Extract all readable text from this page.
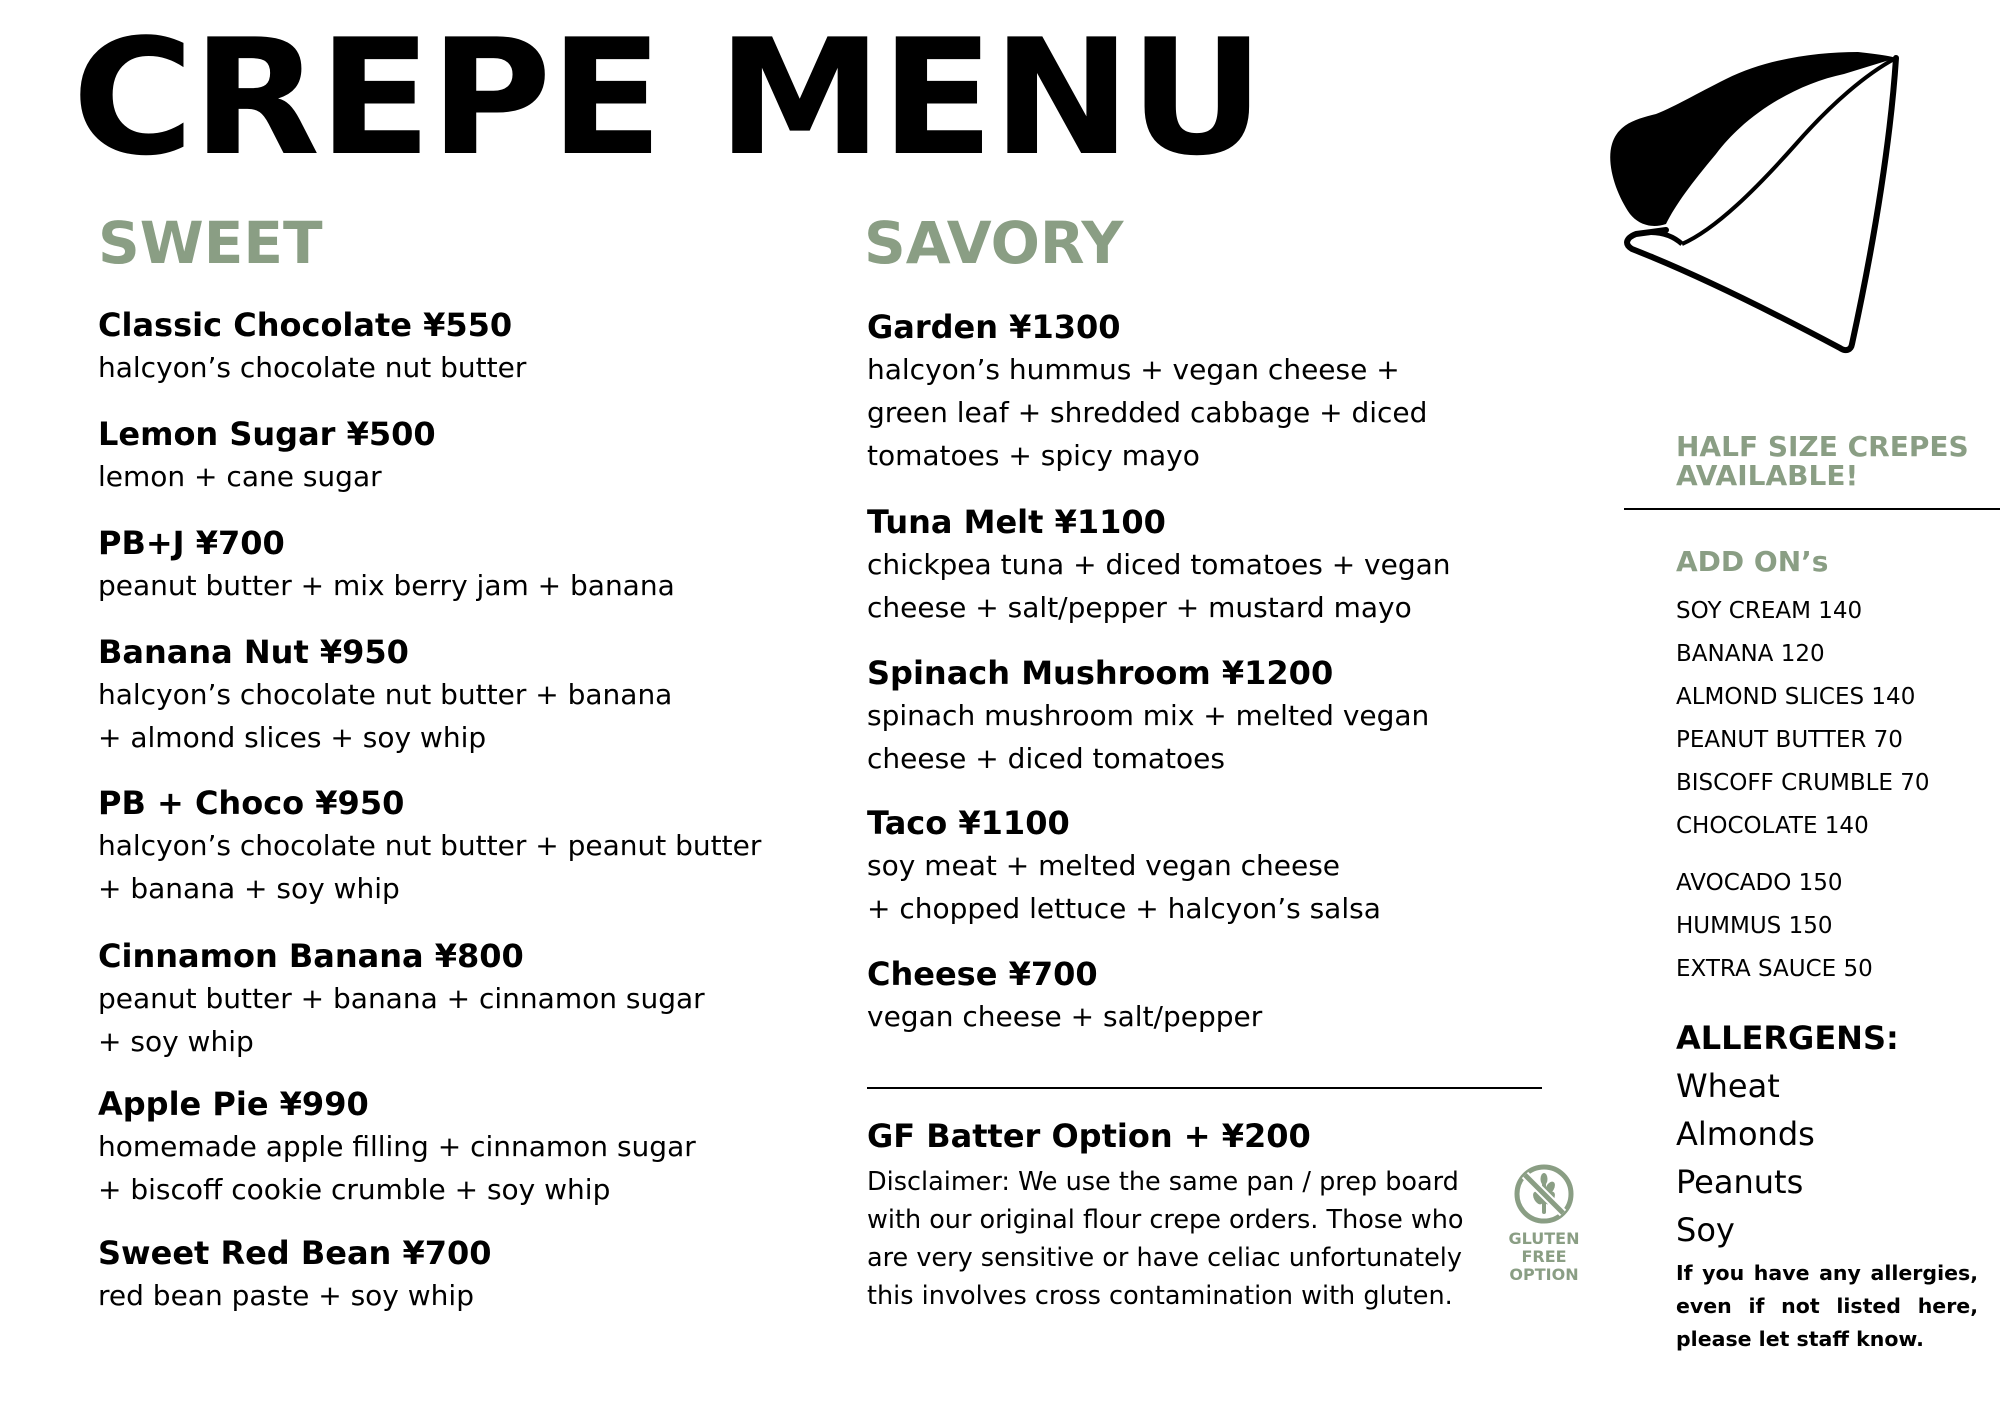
CREPE MENU
SWEET	SAVORY
Classic Chocolate ¥550
halcyon’s chocolate nut butter
Lemon Sugar ¥500
lemon + cane sugar
PB+J ¥700
peanut butter + mix berry jam + banana
Banana Nut ¥950
halcyon’s chocolate nut butter + banana
+ almond slices + soy whip
PB + Choco ¥950
halcyon’s chocolate nut butter + peanut butter
+ banana + soy whip
Cinnamon Banana ¥800
peanut butter + banana + cinnamon sugar
+ soy whip
Apple Pie ¥990
homemade apple filling + cinnamon sugar
+ biscoff cookie crumble + soy whip
Sweet Red Bean ¥700
red bean paste + soy whip
Garden ¥1300
halcyon’s hummus + vegan cheese +
green leaf + shredded cabbage + diced
tomatoes + spicy mayo
Tuna Melt ¥1100
chickpea tuna + diced tomatoes + vegan
cheese + salt/pepper + mustard mayo
Spinach Mushroom ¥1200
spinach mushroom mix + melted vegan
cheese + diced tomatoes
Taco ¥1100
soy meat + melted vegan cheese
+ chopped lettuce + halcyon’s salsa
Cheese ¥700
vegan cheese + salt/pepper
GF Batter Option + ¥200
Disclaimer: We use the same pan / prep board
with our original flour crepe orders. Those who
are very sensitive or have celiac unfortunately
this involves cross contamination with gluten.
GLUTEN
FREE
OPTION
HALF SIZE CREPES
AVAILABLE!
ADD ON’s
SOY CREAM 140
BANANA 120
ALMOND SLICES 140
PEANUT BUTTER 70
BISCOFF CRUMBLE 70
CHOCOLATE 140
AVOCADO 150
HUMMUS 150
EXTRA SAUCE 50
ALLERGENS:
Wheat
Almonds
Peanuts
Soy
If you have any allergies, even if not listed here, please let staff know.
